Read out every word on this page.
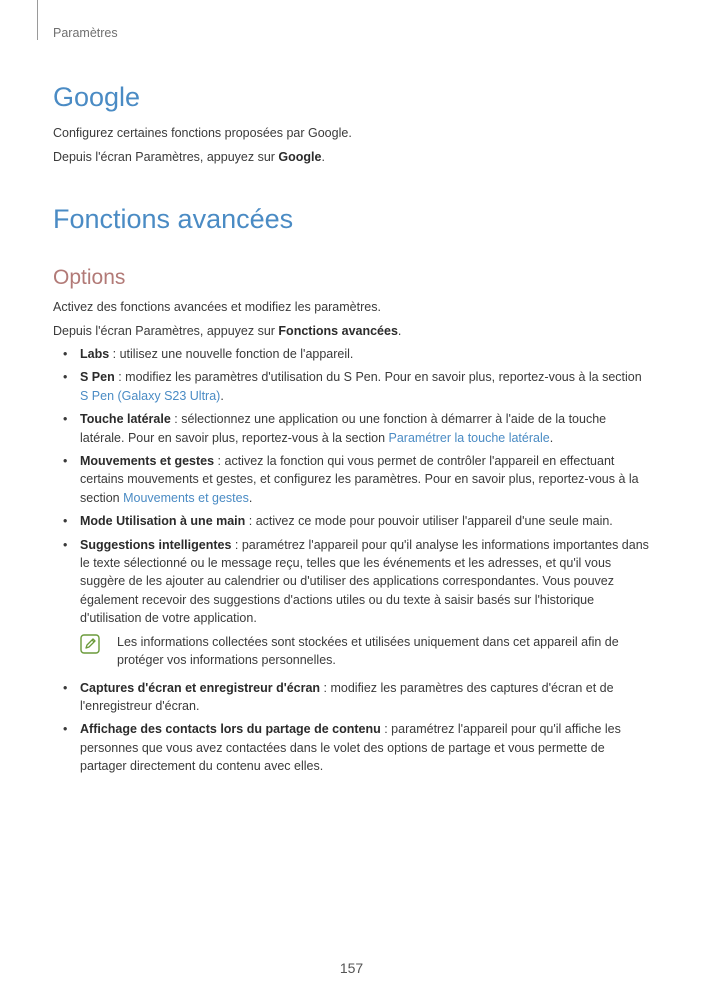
Paramètres
Google
Configurez certaines fonctions proposées par Google.
Depuis l'écran Paramètres, appuyez sur Google.
Fonctions avancées
Options
Activez des fonctions avancées et modifiez les paramètres.
Depuis l'écran Paramètres, appuyez sur Fonctions avancées.
• Labs : utilisez une nouvelle fonction de l'appareil.
• S Pen : modifiez les paramètres d'utilisation du S Pen. Pour en savoir plus, reportez-vous à la section S Pen (Galaxy S23 Ultra).
• Touche latérale : sélectionnez une application ou une fonction à démarrer à l'aide de la touche latérale. Pour en savoir plus, reportez-vous à la section Paramétrer la touche latérale.
• Mouvements et gestes : activez la fonction qui vous permet de contrôler l'appareil en effectuant certains mouvements et gestes, et configurez les paramètres. Pour en savoir plus, reportez-vous à la section Mouvements et gestes.
• Mode Utilisation à une main : activez ce mode pour pouvoir utiliser l'appareil d'une seule main.
• Suggestions intelligentes : paramétrez l'appareil pour qu'il analyse les informations importantes dans le texte sélectionné ou le message reçu, telles que les événements et les adresses, et qu'il vous suggère de les ajouter au calendrier ou d'utiliser des applications correspondantes. Vous pouvez également recevoir des suggestions d'actions utiles ou du texte à saisir basés sur l'historique d'utilisation de votre application.
Les informations collectées sont stockées et utilisées uniquement dans cet appareil afin de protéger vos informations personnelles.
• Captures d'écran et enregistreur d'écran : modifiez les paramètres des captures d'écran et de l'enregistreur d'écran.
• Affichage des contacts lors du partage de contenu : paramétrez l'appareil pour qu'il affiche les personnes que vous avez contactées dans le volet des options de partage et vous permette de partager directement du contenu avec elles.
157
